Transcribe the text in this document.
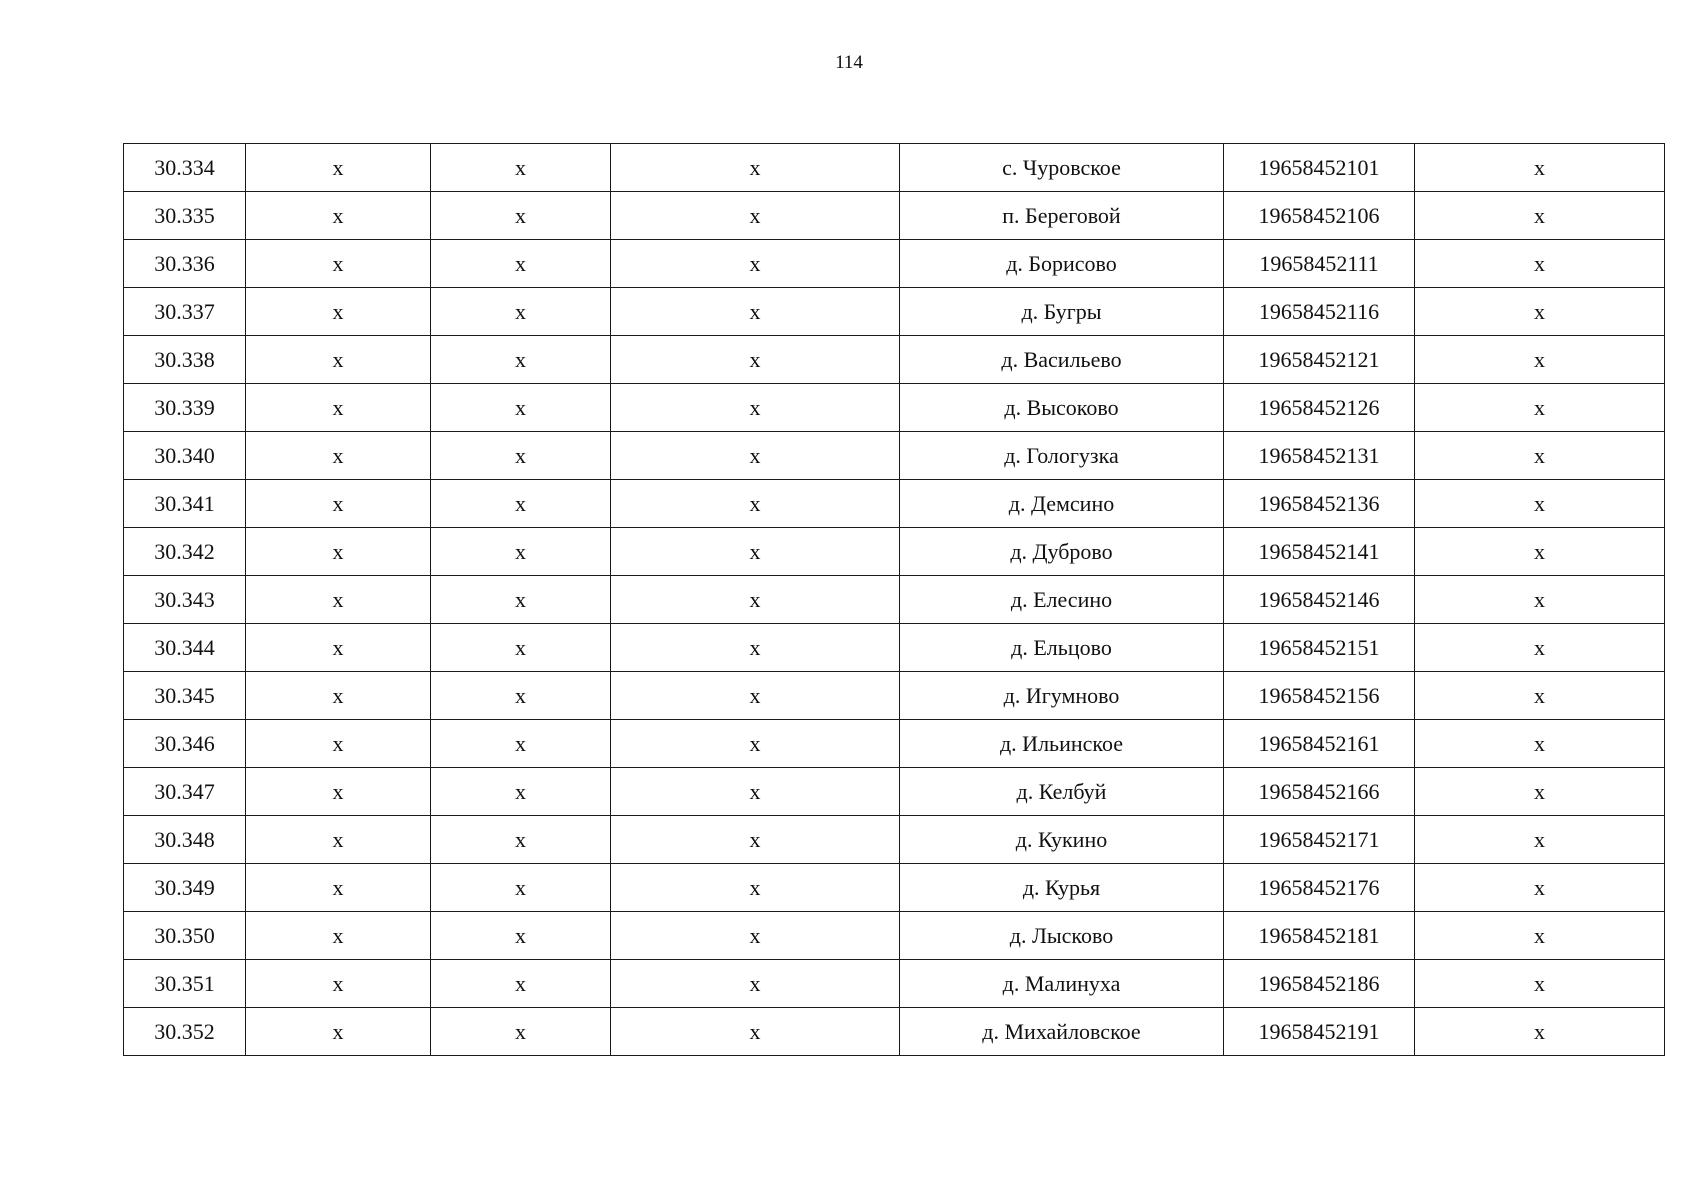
114
30.334	x	x	x	с. Чуровское	19658452101	x
30.335	x	x	x	п. Береговой	19658452106	x
30.336	x	x	x	д. Борисово	19658452111	x
30.337	x	x	x	д. Бугры	19658452116	x
30.338	x	x	x	д. Васильево	19658452121	x
30.339	x	x	x	д. Высоково	19658452126	x
30.340	x	x	x	д. Гологузка	19658452131	x
30.341	x	x	x	д. Демсино	19658452136	x
30.342	x	x	x	д. Дуброво	19658452141	x
30.343	x	x	x	д. Елесино	19658452146	x
30.344	x	x	x	д. Ельцово	19658452151	x
30.345	x	x	x	д. Игумново	19658452156	x
30.346	x	x	x	д. Ильинское	19658452161	x
30.347	x	x	x	д. Келбуй	19658452166	x
30.348	x	x	x	д. Кукино	19658452171	x
30.349	x	x	x	д. Курья	19658452176	x
30.350	x	x	x	д. Лысково	19658452181	x
30.351	x	x	x	д. Малинуха	19658452186	x
30.352	x	x	x	д. Михайловское	19658452191	x
